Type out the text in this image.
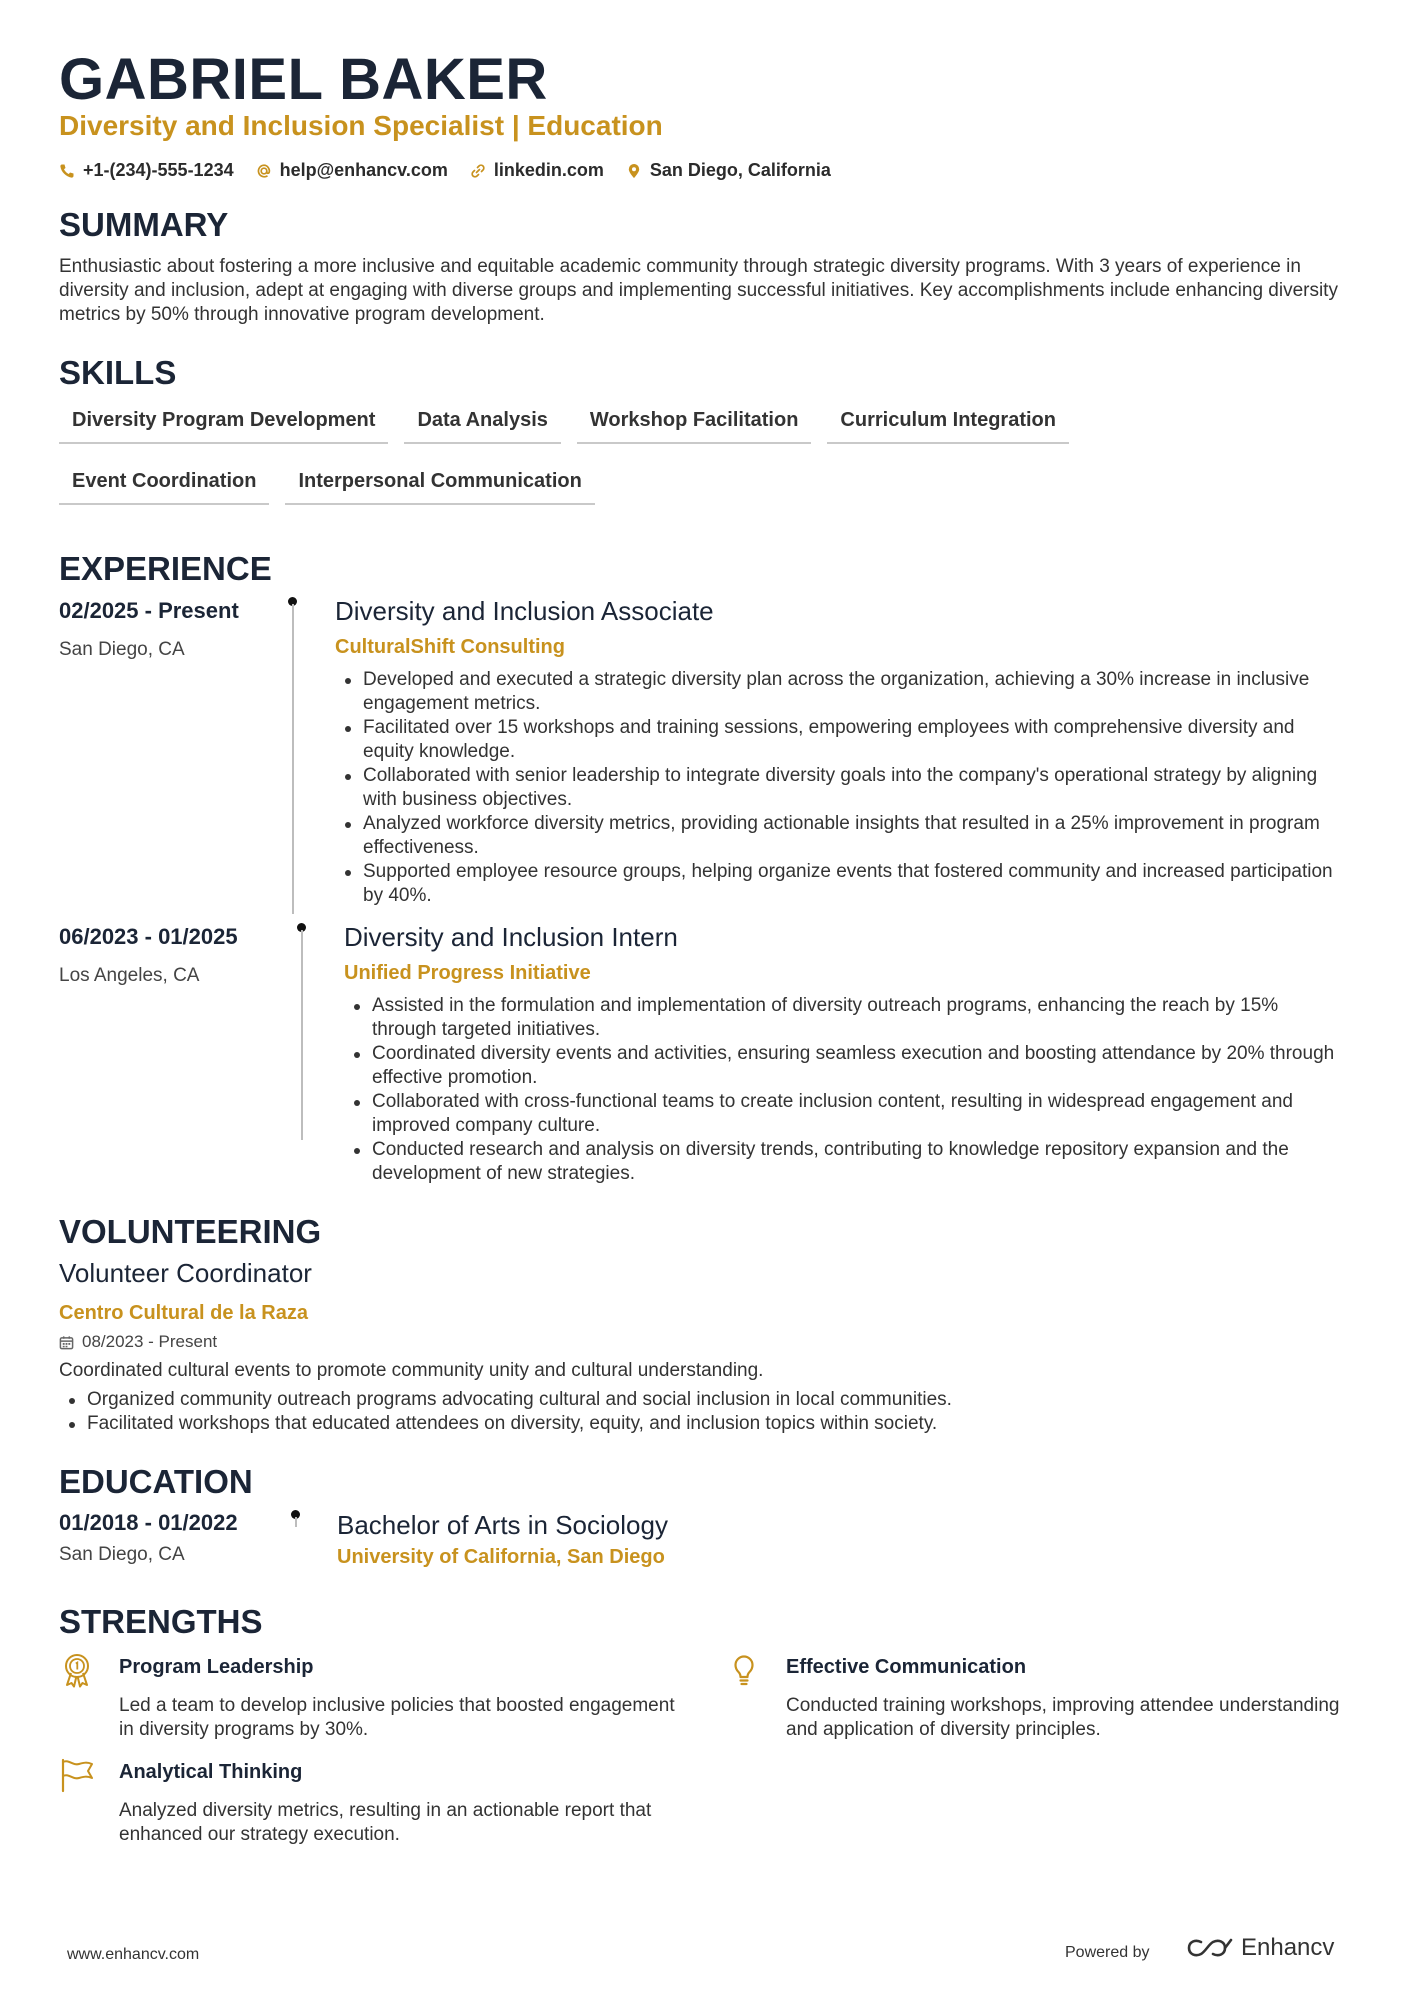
GABRIEL BAKER
Diversity and Inclusion Specialist | Education
+1-(234)-555-1234	help@enhancv.com	linkedin.com	San Diego, California
SUMMARY
Enthusiastic about fostering a more inclusive and equitable academic community through strategic diversity programs. With 3 years of experience in diversity and inclusion, adept at engaging with diverse groups and implementing successful initiatives. Key accomplishments include enhancing diversity metrics by 50% through innovative program development.
SKILLS
Diversity Program Development	Data Analysis	Workshop Facilitation	Curriculum Integration
Event Coordination	Interpersonal Communication
EXPERIENCE
02/2025 - Present
San Diego, CA
Diversity and Inclusion Associate
CulturalShift Consulting
Developed and executed a strategic diversity plan across the organization, achieving a 30% increase in inclusive engagement metrics.
Facilitated over 15 workshops and training sessions, empowering employees with comprehensive diversity and equity knowledge.
Collaborated with senior leadership to integrate diversity goals into the company's operational strategy by aligning with business objectives.
Analyzed workforce diversity metrics, providing actionable insights that resulted in a 25% improvement in program effectiveness.
Supported employee resource groups, helping organize events that fostered community and increased participation by 40%.
06/2023 - 01/2025
Los Angeles, CA
Diversity and Inclusion Intern
Unified Progress Initiative
Assisted in the formulation and implementation of diversity outreach programs, enhancing the reach by 15% through targeted initiatives.
Coordinated diversity events and activities, ensuring seamless execution and boosting attendance by 20% through effective promotion.
Collaborated with cross-functional teams to create inclusion content, resulting in widespread engagement and improved company culture.
Conducted research and analysis on diversity trends, contributing to knowledge repository expansion and the development of new strategies.
VOLUNTEERING
Volunteer Coordinator
Centro Cultural de la Raza
08/2023 - Present
Coordinated cultural events to promote community unity and cultural understanding.
Organized community outreach programs advocating cultural and social inclusion in local communities.
Facilitated workshops that educated attendees on diversity, equity, and inclusion topics within society.
EDUCATION
01/2018 - 01/2022
San Diego, CA
Bachelor of Arts in Sociology
University of California, San Diego
STRENGTHS
Program Leadership
Led a team to develop inclusive policies that boosted engagement in diversity programs by 30%.
Effective Communication
Conducted training workshops, improving attendee understanding and application of diversity principles.
Analytical Thinking
Analyzed diversity metrics, resulting in an actionable report that enhanced our strategy execution.
www.enhancv.com	Powered by	Enhancv
